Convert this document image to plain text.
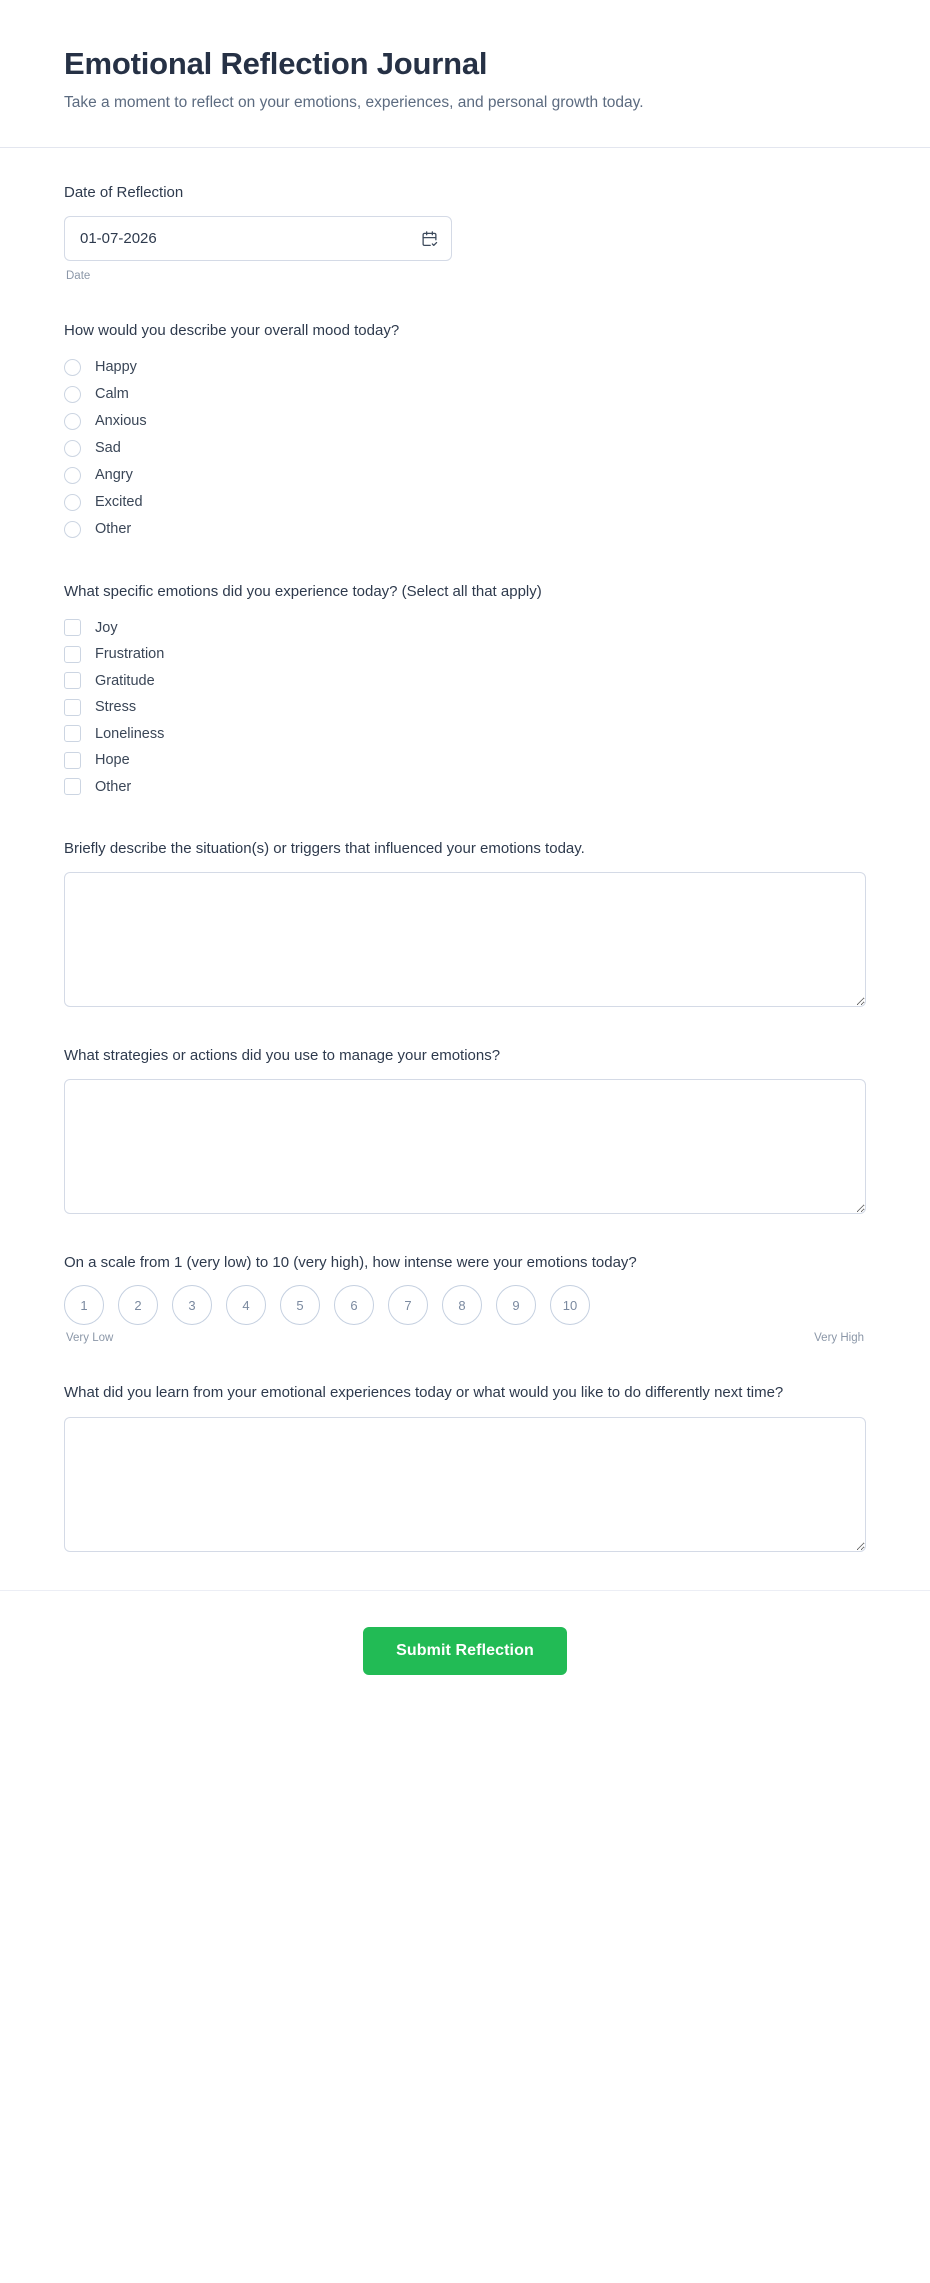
Emotional Reflection Journal

Take a moment to reflect on your emotions, experiences, and personal growth today.

Date of Reflection
01-07-2026
Date
How would you describe your overall mood today?
Happy
Calm
Anxious
Sad
Angry
Excited
Other
What specific emotions did you experience today? (Select all that apply)
Joy
Frustration
Gratitude
Stress
Loneliness
Hope
Other
Briefly describe the situation(s) or triggers that influenced your emotions today.
What strategies or actions did you use to manage your emotions?
On a scale from 1 (very low) to 10 (very high), how intense were your emotions today?
1	2	3	4	5	6	7	8	9	10
Very Low	Very High
What did you learn from your emotional experiences today or what would you like to do differently next time?
Submit Reflection
